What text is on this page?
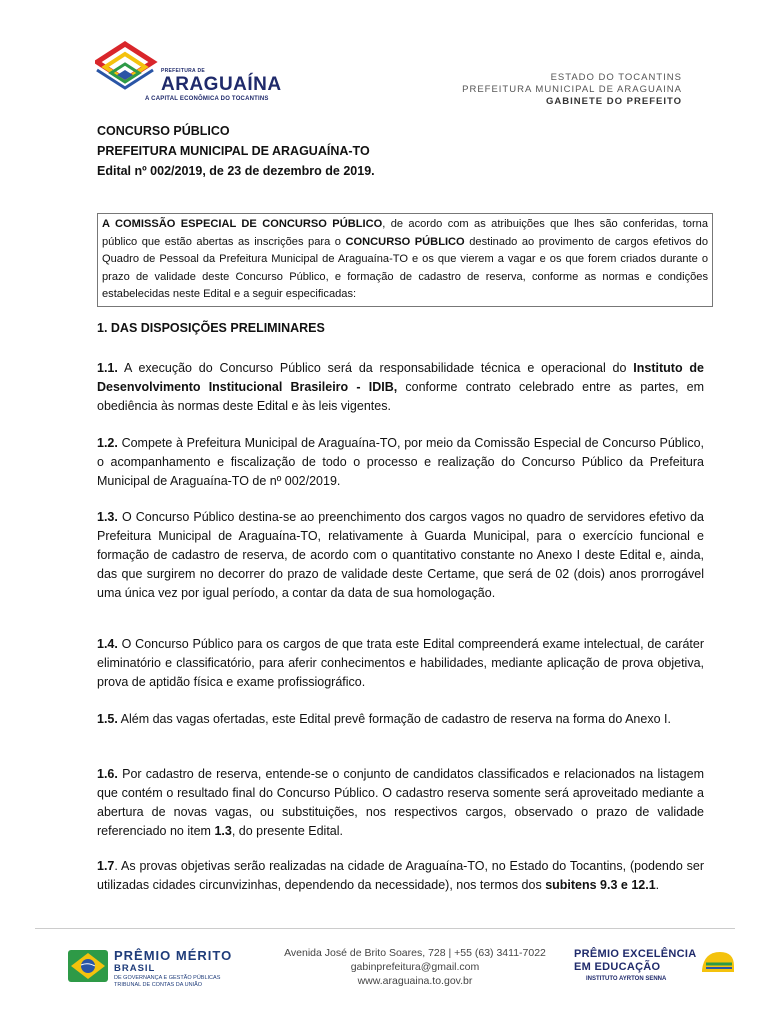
PREFEITURA DE
ARAGUAÍNA
A CAPITAL ECONÔMICA DO TOCANTINS
ESTADO DO TOCANTINS
PREFEITURA MUNICIPAL DE ARAGUAINA
GABINETE DO PREFEITO
CONCURSO PÚBLICO
PREFEITURA MUNICIPAL DE ARAGUAÍNA-TO
Edital nº 002/2019, de 23 de dezembro de 2019.
A COMISSÃO ESPECIAL DE CONCURSO PÚBLICO, de acordo com as atribuições que lhes são conferidas, torna público que estão abertas as inscrições para o CONCURSO PÚBLICO destinado ao provimento de cargos efetivos do Quadro de Pessoal da Prefeitura Municipal de Araguaína-TO e os que vierem a vagar e os que forem criados durante o prazo de validade deste Concurso Público, e formação de cadastro de reserva, conforme as normas e condições estabelecidas neste Edital e a seguir especificadas:
1. DAS DISPOSIÇÕES PRELIMINARES
1.1. A execução do Concurso Público será da responsabilidade técnica e operacional do Instituto de Desenvolvimento Institucional Brasileiro - IDIB, conforme contrato celebrado entre as partes, em obediência às normas deste Edital e às leis vigentes.
1.2. Compete à Prefeitura Municipal de Araguaína-TO, por meio da Comissão Especial de Concurso Público, o acompanhamento e fiscalização de todo o processo e realização do Concurso Público da Prefeitura Municipal de Araguaína-TO de nº 002/2019.
1.3. O Concurso Público destina-se ao preenchimento dos cargos vagos no quadro de servidores efetivo da Prefeitura Municipal de Araguaína-TO, relativamente à Guarda Municipal, para o exercício funcional e formação de cadastro de reserva, de acordo com o quantitativo constante no Anexo I deste Edital e, ainda, das que surgirem no decorrer do prazo de validade deste Certame, que será de 02 (dois) anos prorrogável uma única vez por igual período, a contar da data de sua homologação.
1.4. O Concurso Público para os cargos de que trata este Edital compreenderá exame intelectual, de caráter eliminatório e classificatório, para aferir conhecimentos e habilidades, mediante aplicação de prova objetiva, prova de aptidão física e exame profissiográfico.
1.5. Além das vagas ofertadas, este Edital prevê formação de cadastro de reserva na forma do Anexo I.
1.6. Por cadastro de reserva, entende-se o conjunto de candidatos classificados e relacionados na listagem que contém o resultado final do Concurso Público. O cadastro reserva somente será aproveitado mediante a abertura de novas vagas, ou substituições, nos respectivos cargos, observado o prazo de validade referenciado no item 1.3, do presente Edital.
1.7. As provas objetivas serão realizadas na cidade de Araguaína-TO, no Estado do Tocantins, (podendo ser utilizadas cidades circunvizinhas, dependendo da necessidade), nos termos dos subitens 9.3 e 12.1.
PRÊMIO MÉRITO
BRASIL
DE GOVERNANÇA E GESTÃO PÚBLICAS
TRIBUNAL DE CONTAS DA UNIÃO
Avenida José de Brito Soares, 728 | +55 (63) 3411-7022
gabinprefeitura@gmail.com
www.araguaina.to.gov.br
PRÊMIO EXCELÊNCIA
EM EDUCAÇÃO
INSTITUTO AYRTON SENNA
